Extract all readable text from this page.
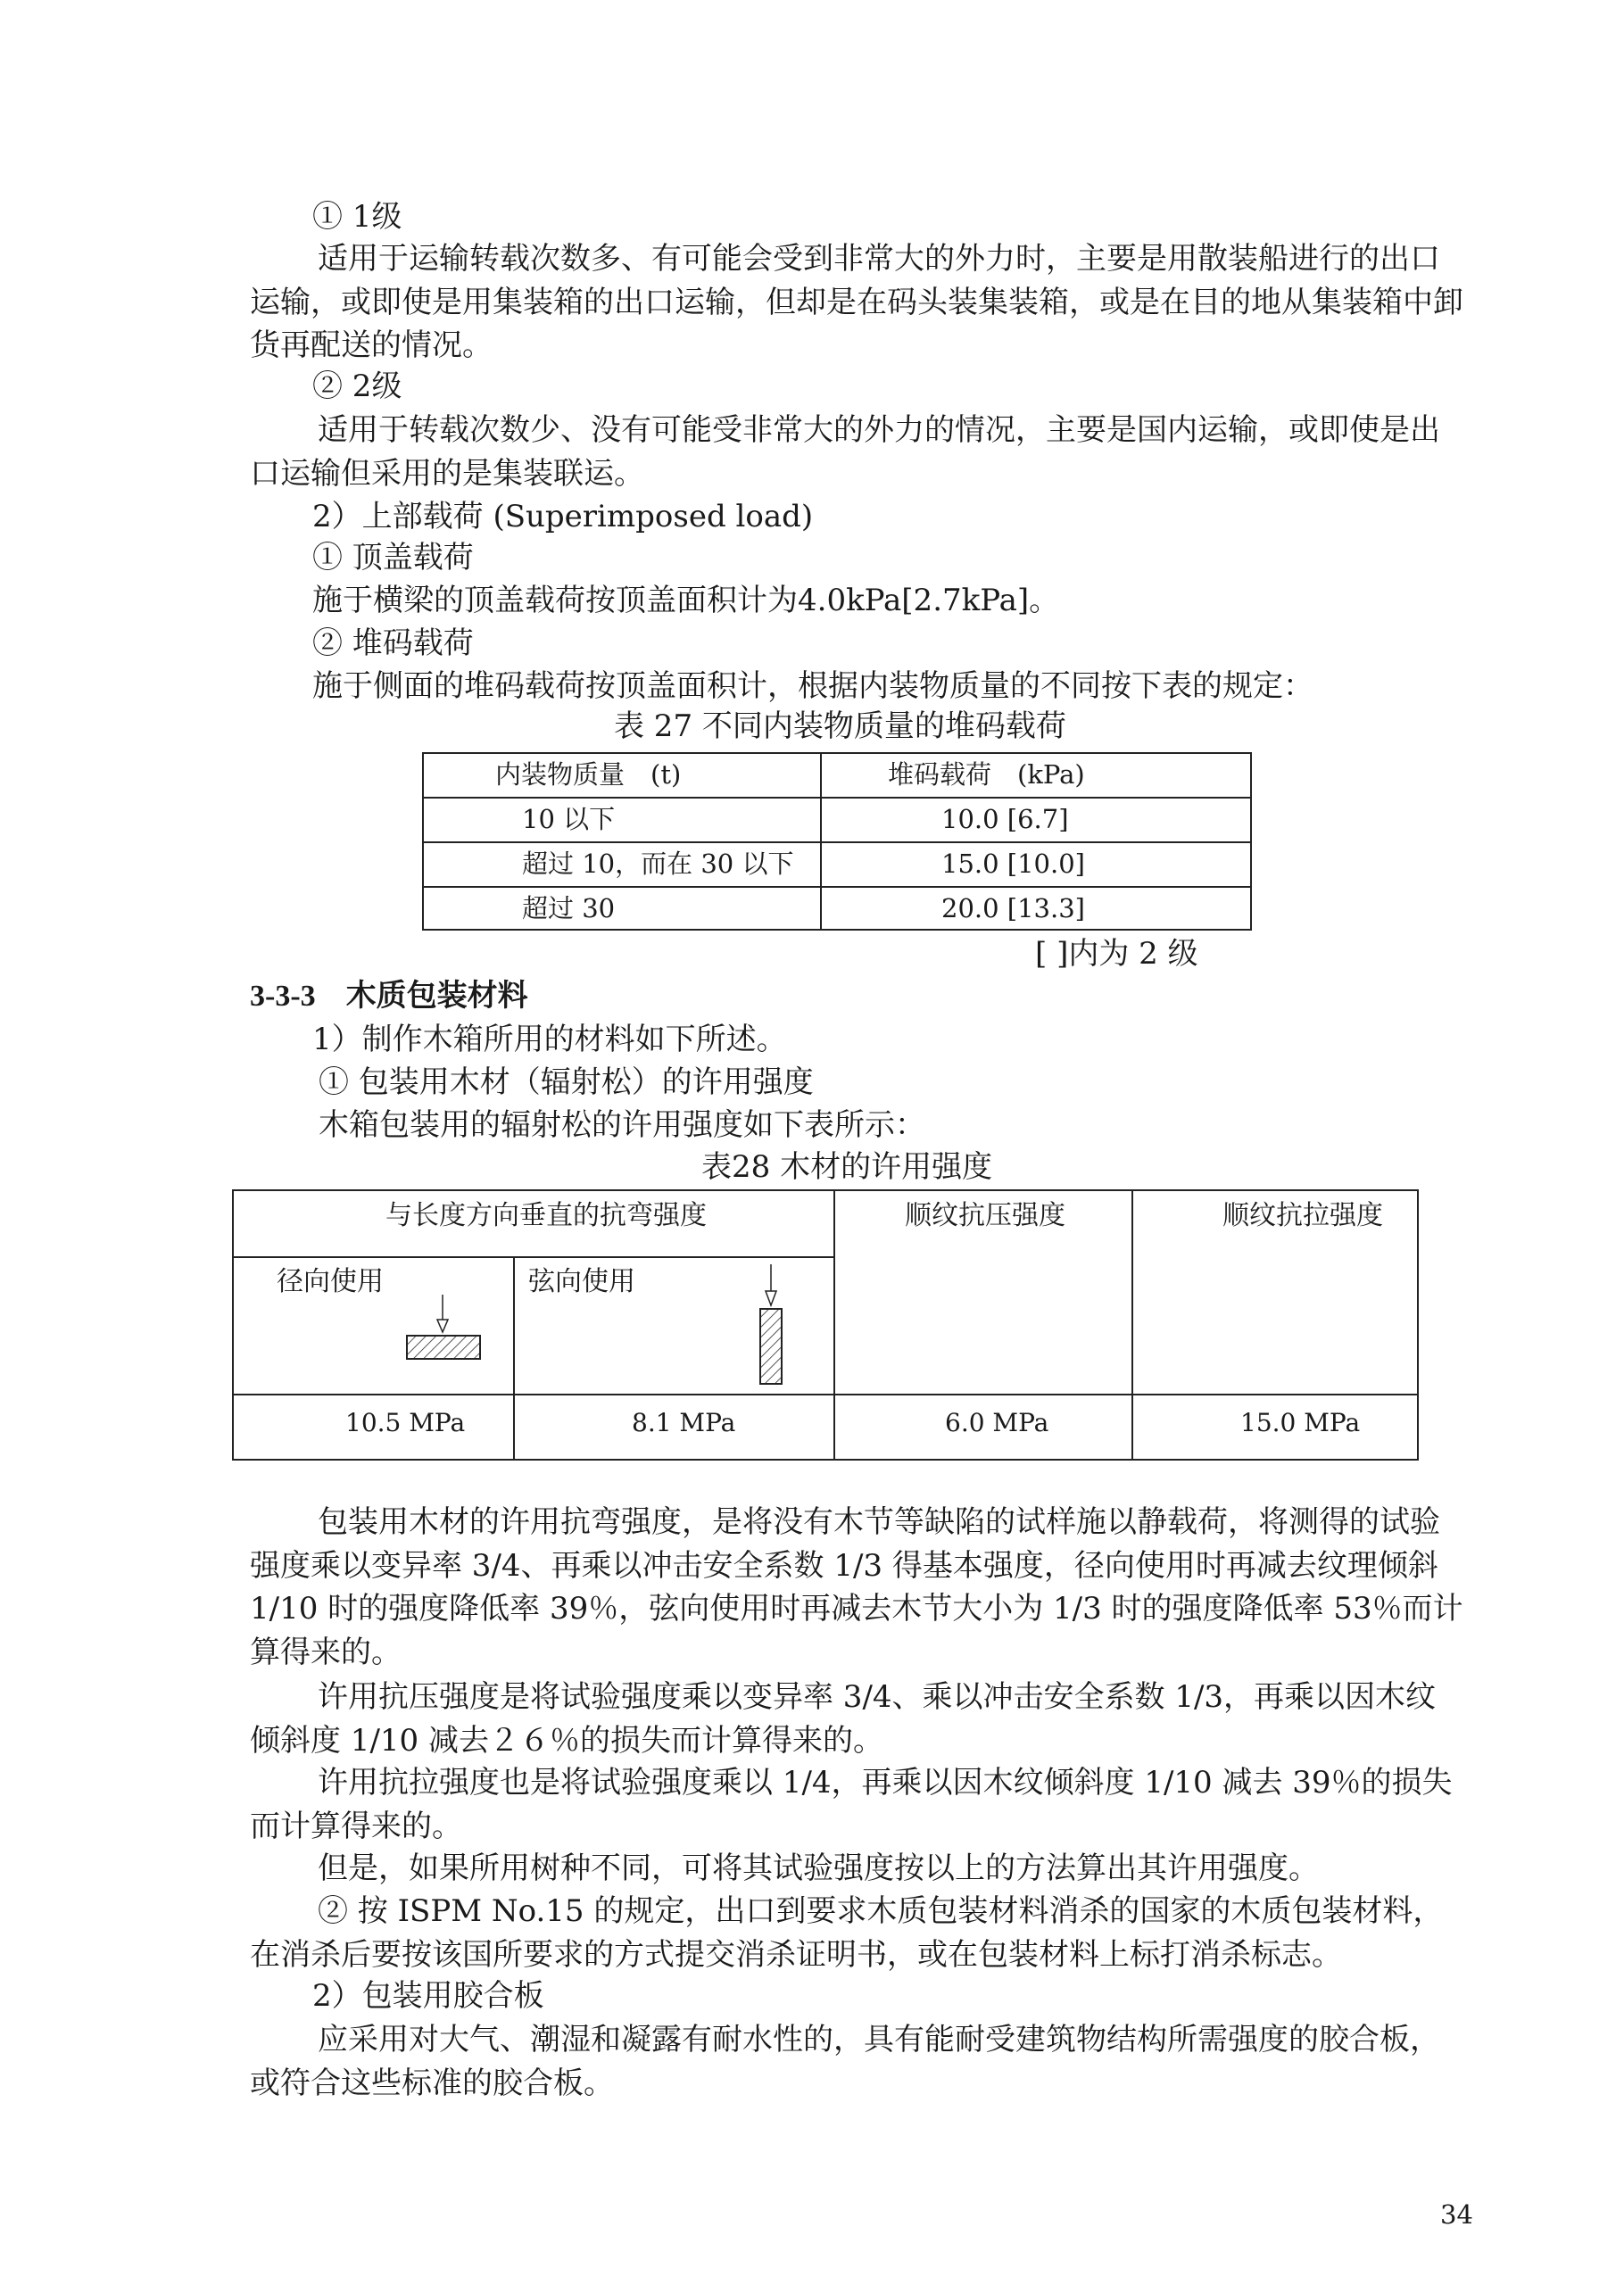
① 1级

适用于运输转载次数多、有可能会受到非常大的外力时，主要是用散装船进行的出口运输，或即使是用集装箱的出口运输，但却是在码头装集装箱，或是在目的地从集装箱中卸货再配送的情况。

② 2级

适用于转载次数少、没有可能受非常大的外力的情况，主要是国内运输，或即使是出口运输但采用的是集装联运。

2）上部载荷 (Superimposed load)
① 顶盖载荷
施于横梁的顶盖载荷按顶盖面积计为4.0kPa[2.7kPa]。
② 堆码载荷
施于侧面的堆码载荷按顶盖面积计，根据内装物质量的不同按下表的规定：
表 27 不同内装物质量的堆码载荷
内装物质量　(t)	堆码载荷　(kPa)
10 以下	10.0 [6.7]
超过 10，而在 30 以下	15.0 [10.0]
超过 30	20.0 [13.3]
[ ]内为 2 级
3-3-3　木质包装材料
1）制作木箱所用的材料如下所述。
① 包装用木材（辐射松）的许用强度
木箱包装用的辐射松的许用强度如下表所示：
表28 木材的许用强度
与长度方向垂直的抗弯强度	顺纹抗压强度	顺纹抗拉强度
径向使用	弦向使用
10.5 MPa	8.1 MPa	6.0 MPa	15.0 MPa

包装用木材的许用抗弯强度，是将没有木节等缺陷的试样施以静载荷，将测得的试验强度乘以变异率 3/4、再乘以冲击安全系数 1/3 得基本强度，径向使用时再减去纹理倾斜 1/10 时的强度降低率 39％，弦向使用时再减去木节大小为 1/3 时的强度降低率 53％而计算得来的。

许用抗压强度是将试验强度乘以变异率 3/4、乘以冲击安全系数 1/3，再乘以因木纹倾斜度 1/10 减去２６％的损失而计算得来的。

许用抗拉强度也是将试验强度乘以 1/4，再乘以因木纹倾斜度 1/10 减去 39％的损失而计算得来的。

但是，如果所用树种不同，可将其试验强度按以上的方法算出其许用强度。

② 按 ISPM No.15 的规定，出口到要求木质包装材料消杀的国家的木质包装材料，在消杀后要按该国所要求的方式提交消杀证明书，或在包装材料上标打消杀标志。

2）包装用胶合板

应采用对大气、潮湿和凝露有耐水性的，具有能耐受建筑物结构所需强度的胶合板，或符合这些标准的胶合板。

34
